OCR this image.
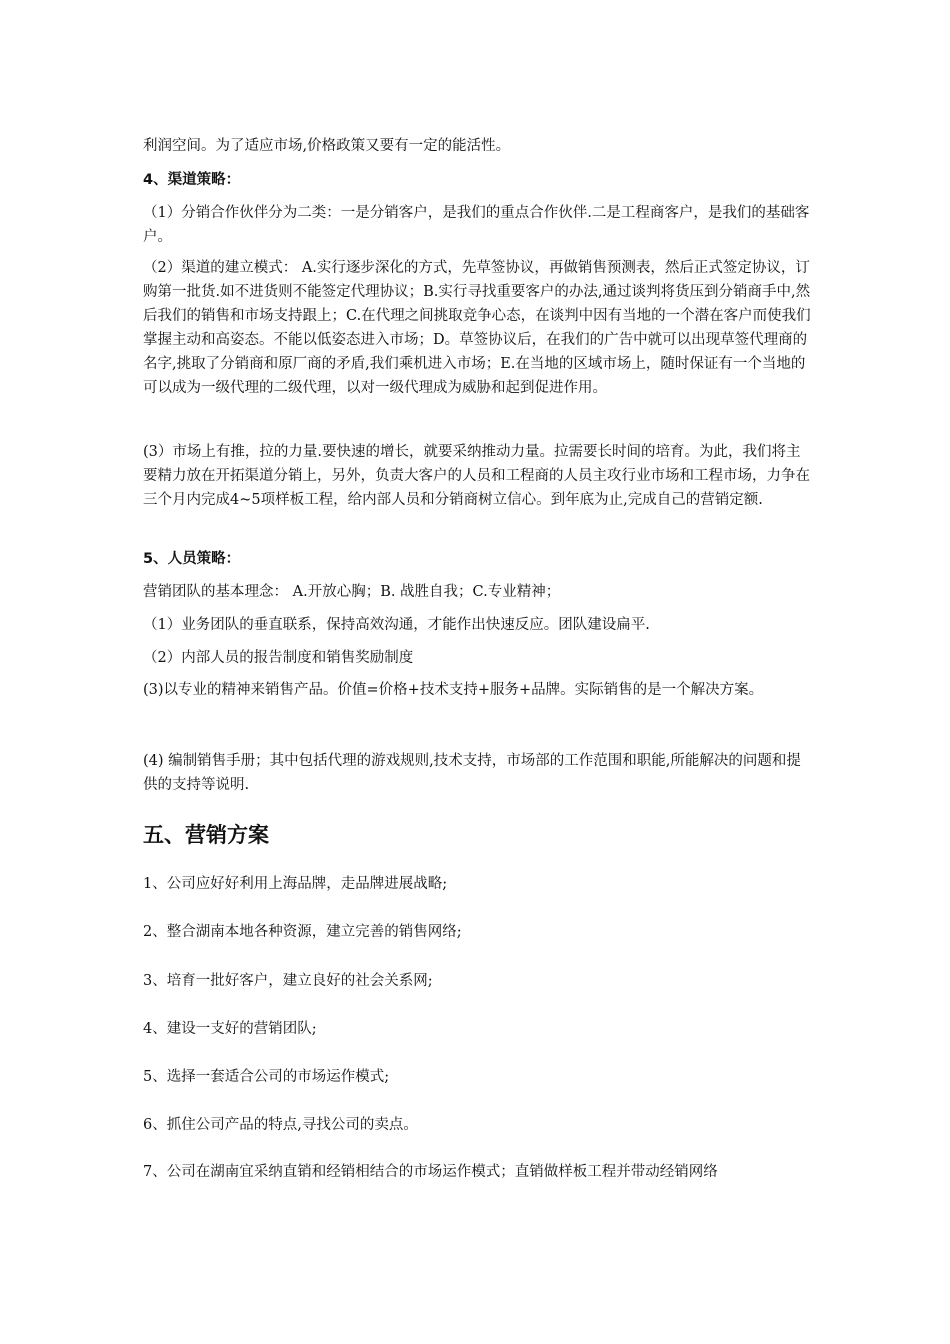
利润空间。为了适应市场,价格政策又要有一定的能活性。

4、渠道策略：

（1）分销合作伙伴分为二类：一是分销客户，是我们的重点合作伙伴.二是工程商客户，是我们的基础客户。

（2）渠道的建立模式： A.实行逐步深化的方式，先草签协议，再做销售预测表，然后正式签定协议，订购第一批货.如不进货则不能签定代理协议；B.实行寻找重要客户的办法,通过谈判将货压到分销商手中,然后我们的销售和市场支持跟上；C.在代理之间挑取竞争心态，在谈判中因有当地的一个潜在客户而使我们掌握主动和高姿态。不能以低姿态进入市场；D。草签协议后，在我们的广告中就可以出现草签代理商的名字,挑取了分销商和原厂商的矛盾,我们乘机进入市场；E.在当地的区域市场上，随时保证有一个当地的可以成为一级代理的二级代理，以对一级代理成为威胁和起到促进作用。

(3）市场上有推，拉的力量.要快速的增长，就要采纳推动力量。拉需要长时间的培育。为此，我们将主要精力放在开拓渠道分销上，另外，负责大客户的人员和工程商的人员主攻行业市场和工程市场，力争在三个月内完成4~5项样板工程，给内部人员和分销商树立信心。到年底为止,完成自己的营销定额.

5、人员策略：

营销团队的基本理念： A.开放心胸；B. 战胜自我；C.专业精神；

（1）业务团队的垂直联系，保持高效沟通，才能作出快速反应。团队建设扁平.

（2）内部人员的报告制度和销售奖励制度

(3)以专业的精神来销售产品。价值=价格+技术支持+服务+品牌。实际销售的是一个解决方案。

(4) 编制销售手册；其中包括代理的游戏规则,技术支持，市场部的工作范围和职能,所能解决的问题和提供的支持等说明.

五、营销方案

1、公司应好好利用上海品牌，走品牌进展战略;

2、整合湖南本地各种资源，建立完善的销售网络;

3、培育一批好客户，建立良好的社会关系网;

4、建设一支好的营销团队;

5、选择一套适合公司的市场运作模式;

6、抓住公司产品的特点,寻找公司的卖点。

7、公司在湖南宜采纳直销和经销相结合的市场运作模式；直销做样板工程并带动经销网络
